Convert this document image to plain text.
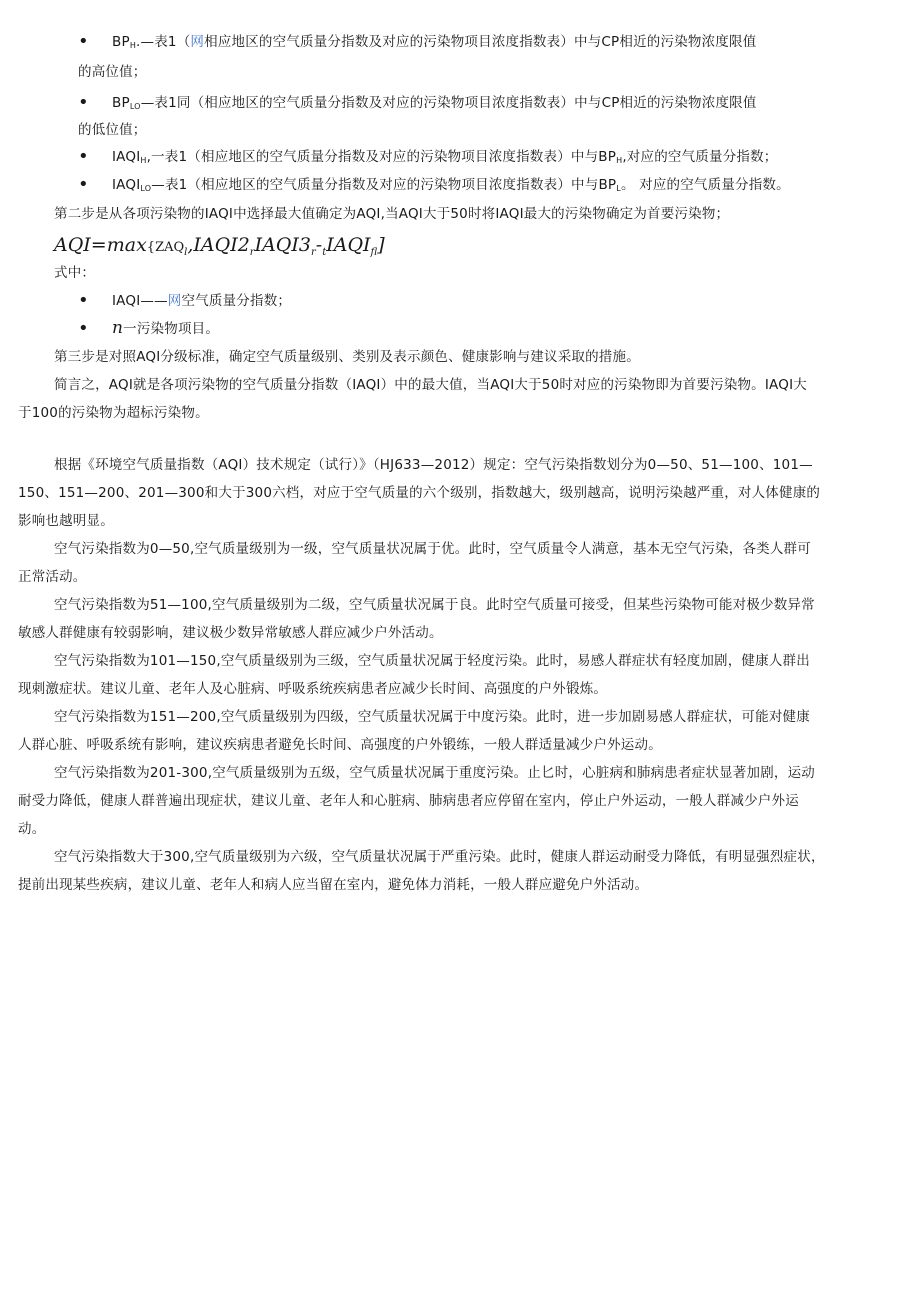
• $BP_H.—$表1（网相应地区的空气质量分指数及对应的污染物项目浓度指数表）中与CP相近的污染物浓度限值
的高位值；
• $BP_{LO}—$表1同（相应地区的空气质量分指数及对应的污染物项目浓度指数表）中与CP相近的污染物浓度限值
的低位值；
• $IAQI_H$,一表1（相应地区的空气质量分指数及对应的污染物项目浓度指数表）中与$BP_H$,对应的空气质量分指数；
• $IAQI_{LO}—$表1（相应地区的空气质量分指数及对应的污染物项目浓度指数表）中与$BP_L$。 对应的空气质量分指数。
第二步是从各项污染物的IAQI中选择最大值确定为AQI,当AQI大于50时将IAQI最大的污染物确定为首要污染物；
$AQI=\max\{ZAQ_l,IAQI2_rIAQI3_r-_tIAQI_{fl}]$
式中：
• IAQI——网空气质量分指数；
• n一污染物项目。
第三步是对照AQI分级标准，确定空气质量级别、类别及表示颜色、健康影响与建议采取的措施。
简言之，AQI就是各项污染物的空气质量分指数（IAQI）中的最大值，当AQI大于50时对应的污染物即为首要污染物。IAQI大
于100的污染物为超标污染物。
根据《环境空气质量指数（AQI）技术规定（试行）》（HJ633—2012）规定：空气污染指数划分为0—50、51—100、101—
150、151—200、201—300和大于300六档，对应于空气质量的六个级别，指数越大，级别越高，说明污染越严重，对人体健康的
影响也越明显。
空气污染指数为0—50,空气质量级别为一级，空气质量状况属于优。此时，空气质量令人满意，基本无空气污染，各类人群可
正常活动。
空气污染指数为51—100,空气质量级别为二级，空气质量状况属于良。此时空气质量可接受，但某些污染物可能对极少数异常
敏感人群健康有较弱影响，建议极少数异常敏感人群应减少户外活动。
空气污染指数为101—150,空气质量级别为三级，空气质量状况属于轻度污染。此时，易感人群症状有轻度加剧，健康人群出
现刺激症状。建议儿童、老年人及心脏病、呼吸系统疾病患者应减少长时间、高强度的户外锻炼。
空气污染指数为151—200,空气质量级别为四级，空气质量状况属于中度污染。此时，进一步加剧易感人群症状，可能对健康
人群心脏、呼吸系统有影响，建议疾病患者避免长时间、高强度的户外锻练，一般人群适量减少户外运动。
空气污染指数为201-300,空气质量级别为五级，空气质量状况属于重度污染。止匕时，心脏病和肺病患者症状显著加剧，运动
耐受力降低，健康人群普遍出现症状，建议儿童、老年人和心脏病、肺病患者应停留在室内，停止户外运动，一般人群减少户外运
动。
空气污染指数大于300,空气质量级别为六级，空气质量状况属于严重污染。此时，健康人群运动耐受力降低，有明显强烈症状，
提前出现某些疾病，建议儿童、老年人和病人应当留在室内，避免体力消耗，一般人群应避免户外活动。
